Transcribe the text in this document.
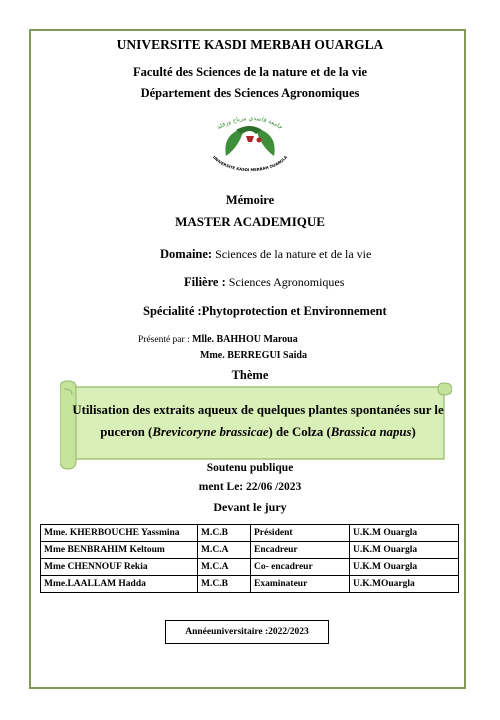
UNIVERSITE KASDI MERBAH OUARGLA
Faculté des Sciences de la nature et de la vie
Département des Sciences Agronomiques
جامعة قاصدي مرباح ورقلة
UNIVERSITE KASDI MERBAH OUARGLA
Mémoire
MASTER ACADEMIQUE
Domaine: Sciences de la nature et de la vie
Filière : Sciences Agronomiques
Spécialité :Phytoprotection et Environnement
Présenté par : Mlle. BAHHOU Maroua
Mme. BERREGUI Saida
Thème
Utilisation des extraits aqueux de quelques plantes spontanées sur le puceron (Brevicoryne brassicae) de Colza (Brassica napus)
Soutenu publique
ment Le: 22/06 /2023
Devant le jury
Mme. KHERBOUCHE Yassmina	M.C.B	Président	U.K.M Ouargla
Mme BENBRAHIM Keltoum	M.C.A	Encadreur	U.K.M Ouargla
Mme CHENNOUF Rekia	M.C.A	Co- encadreur	U.K.M Ouargla
Mme.LAALLAM Hadda	M.C.B	Examinateur	U.K.MOuargla
Annéeuniversitaire :2022/2023
